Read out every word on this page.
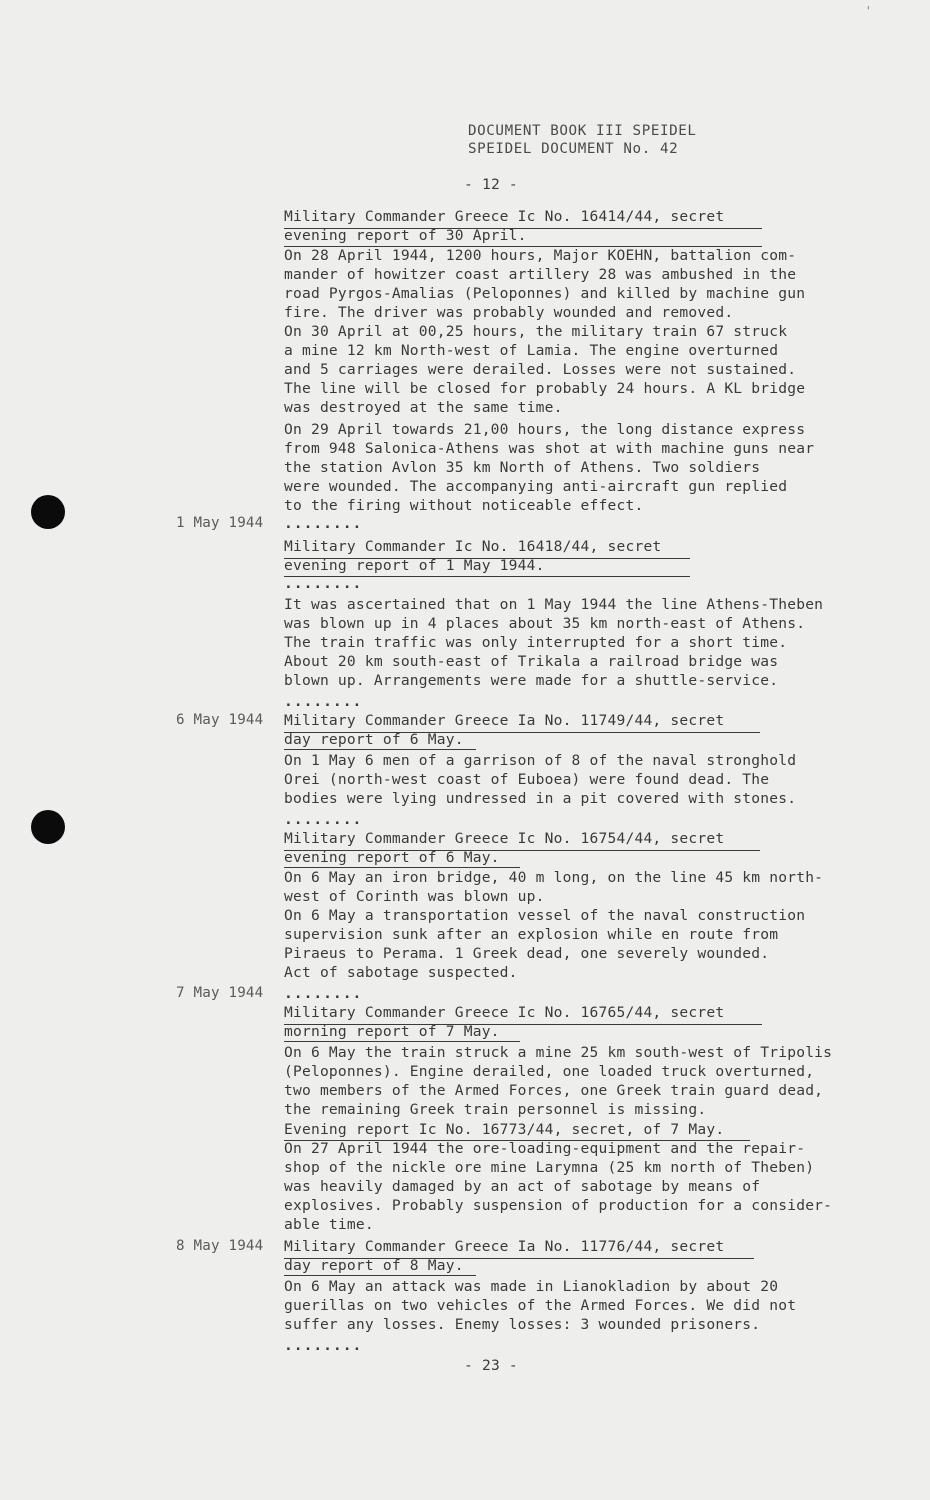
'
DOCUMENT BOOK III SPEIDEL
SPEIDEL DOCUMENT No. 42
- 12 -
Military Commander Greece Ic No. 16414/44, secret
evening report of 30 April.
On 28 April 1944, 1200 hours, Major KOEHN, battalion com-
mander of howitzer coast artillery 28 was ambushed in the
road Pyrgos-Amalias (Peloponnes) and killed by machine gun
fire. The driver was probably wounded and removed.
On 30 April at 00,25 hours, the military train 67 struck
a mine 12 km North-west of Lamia. The engine overturned
and 5 carriages were derailed. Losses were not sustained.
The line will be closed for probably 24 hours. A KL bridge
was destroyed at the same time.
On 29 April towards 21,00 hours, the long distance express
from 948 Salonica-Athens was shot at with machine guns near
the station Avlon 35 km North of Athens. Two soldiers
were wounded. The accompanying anti-aircraft gun replied
to the firing without noticeable effect.
1 May 1944 ........
Military Commander Ic No. 16418/44, secret
evening report of 1 May 1944.
........
It was ascertained that on 1 May 1944 the line Athens-Theben
was blown up in 4 places about 35 km north-east of Athens.
The train traffic was only interrupted for a short time.
About 20 km south-east of Trikala a railroad bridge was
blown up. Arrangements were made for a shuttle-service.
........
6 May 1944 Military Commander Greece Ia No. 11749/44, secret
day report of 6 May.
On 1 May 6 men of a garrison of 8 of the naval stronghold
Orei (north-west coast of Euboea) were found dead. The
bodies were lying undressed in a pit covered with stones.
........
Military Commander Greece Ic No. 16754/44, secret
evening report of 6 May.
On 6 May an iron bridge, 40 m long, on the line 45 km north-
west of Corinth was blown up.
On 6 May a transportation vessel of the naval construction
supervision sunk after an explosion while en route from
Piraeus to Perama. 1 Greek dead, one severely wounded.
Act of sabotage suspected.
7 May 1944 ........
Military Commander Greece Ic No. 16765/44, secret
morning report of 7 May.
On 6 May the train struck a mine 25 km south-west of Tripolis
(Peloponnes). Engine derailed, one loaded truck overturned,
two members of the Armed Forces, one Greek train guard dead,
the remaining Greek train personnel is missing.
Evening report Ic No. 16773/44, secret, of 7 May.
On 27 April 1944 the ore-loading-equipment and the repair-
shop of the nickle ore mine Larymna (25 km north of Theben)
was heavily damaged by an act of sabotage by means of
explosives. Probably suspension of production for a consider-
able time.
8 May 1944 Military Commander Greece Ia No. 11776/44, secret
day report of 8 May.
On 6 May an attack was made in Lianokladion by about 20
guerillas on two vehicles of the Armed Forces. We did not
suffer any losses. Enemy losses: 3 wounded prisoners.
........
- 23 -
